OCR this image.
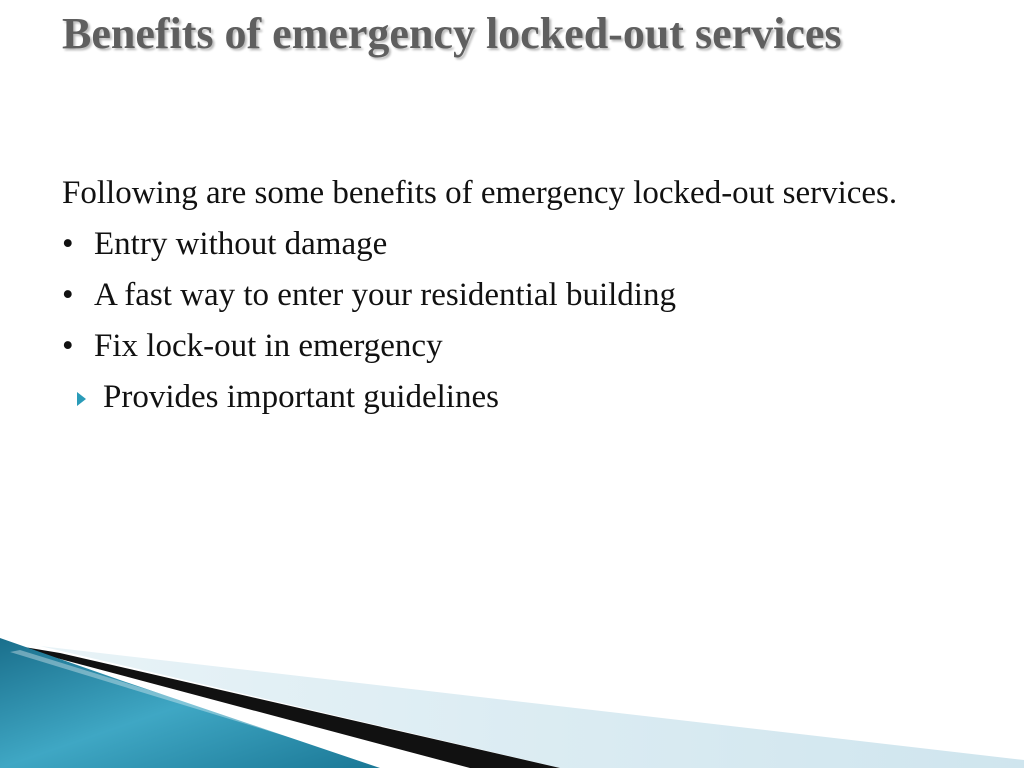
Benefits of emergency locked-out services

Following are some benefits of emergency locked-out services.

• Entry without damage
• A fast way to enter your residential building
• Fix lock-out in emergency
Provides important guidelines
